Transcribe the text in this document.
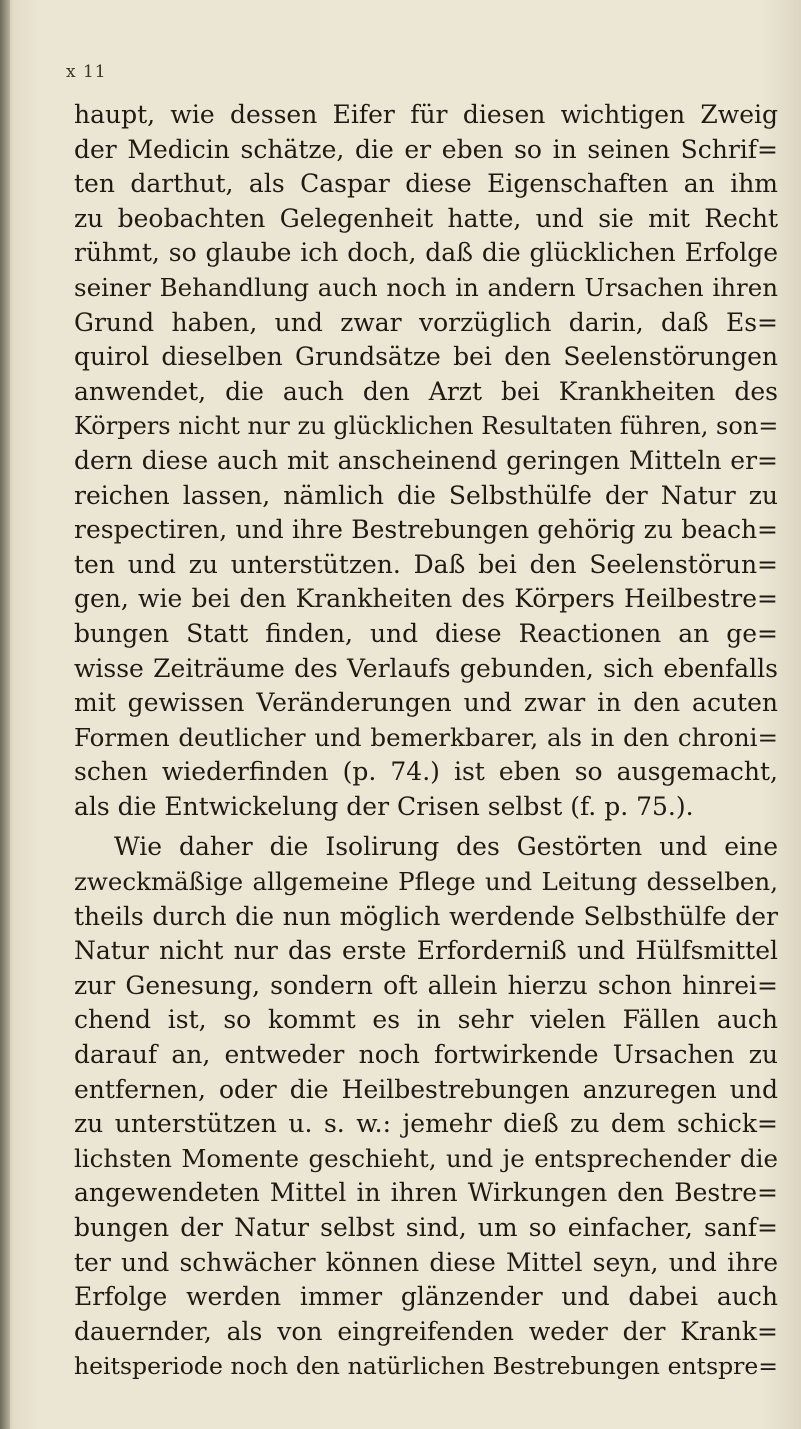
x 11
haupt, wie dessen Eifer für diesen wichtigen Zweig
der Medicin schätze, die er eben so in seinen Schrif=
ten darthut, als Caspar diese Eigenschaften an ihm
zu beobachten Gelegenheit hatte, und sie mit Recht
rühmt, so glaube ich doch, daß die glücklichen Erfolge
seiner Behandlung auch noch in andern Ursachen ihren
Grund haben, und zwar vorzüglich darin, daß Es=
quirol dieselben Grundsätze bei den Seelenstörungen
anwendet, die auch den Arzt bei Krankheiten des
Körpers nicht nur zu glücklichen Resultaten führen, son=
dern diese auch mit anscheinend geringen Mitteln er=
reichen lassen, nämlich die Selbsthülfe der Natur zu
respectiren, und ihre Bestrebungen gehörig zu beach=
ten und zu unterstützen. Daß bei den Seelenstörun=
gen, wie bei den Krankheiten des Körpers Heilbestre=
bungen Statt finden, und diese Reactionen an ge=
wisse Zeiträume des Verlaufs gebunden, sich ebenfalls
mit gewissen Veränderungen und zwar in den acuten
Formen deutlicher und bemerkbarer, als in den chroni=
schen wiederfinden (p. 74.) ist eben so ausgemacht,
als die Entwickelung der Crisen selbst (f. p. 75.).
Wie daher die Isolirung des Gestörten und eine
zweckmäßige allgemeine Pflege und Leitung desselben,
theils durch die nun möglich werdende Selbsthülfe der
Natur nicht nur das erste Erforderniß und Hülfsmittel
zur Genesung, sondern oft allein hierzu schon hinrei=
chend ist, so kommt es in sehr vielen Fällen auch
darauf an, entweder noch fortwirkende Ursachen zu
entfernen, oder die Heilbestrebungen anzuregen und
zu unterstützen u. s. w.: jemehr dieß zu dem schick=
lichsten Momente geschieht, und je entsprechender die
angewendeten Mittel in ihren Wirkungen den Bestre=
bungen der Natur selbst sind, um so einfacher, sanf=
ter und schwächer können diese Mittel seyn, und ihre
Erfolge werden immer glänzender und dabei auch
dauernder, als von eingreifenden weder der Krank=
heitsperiode noch den natürlichen Bestrebungen entspre=
